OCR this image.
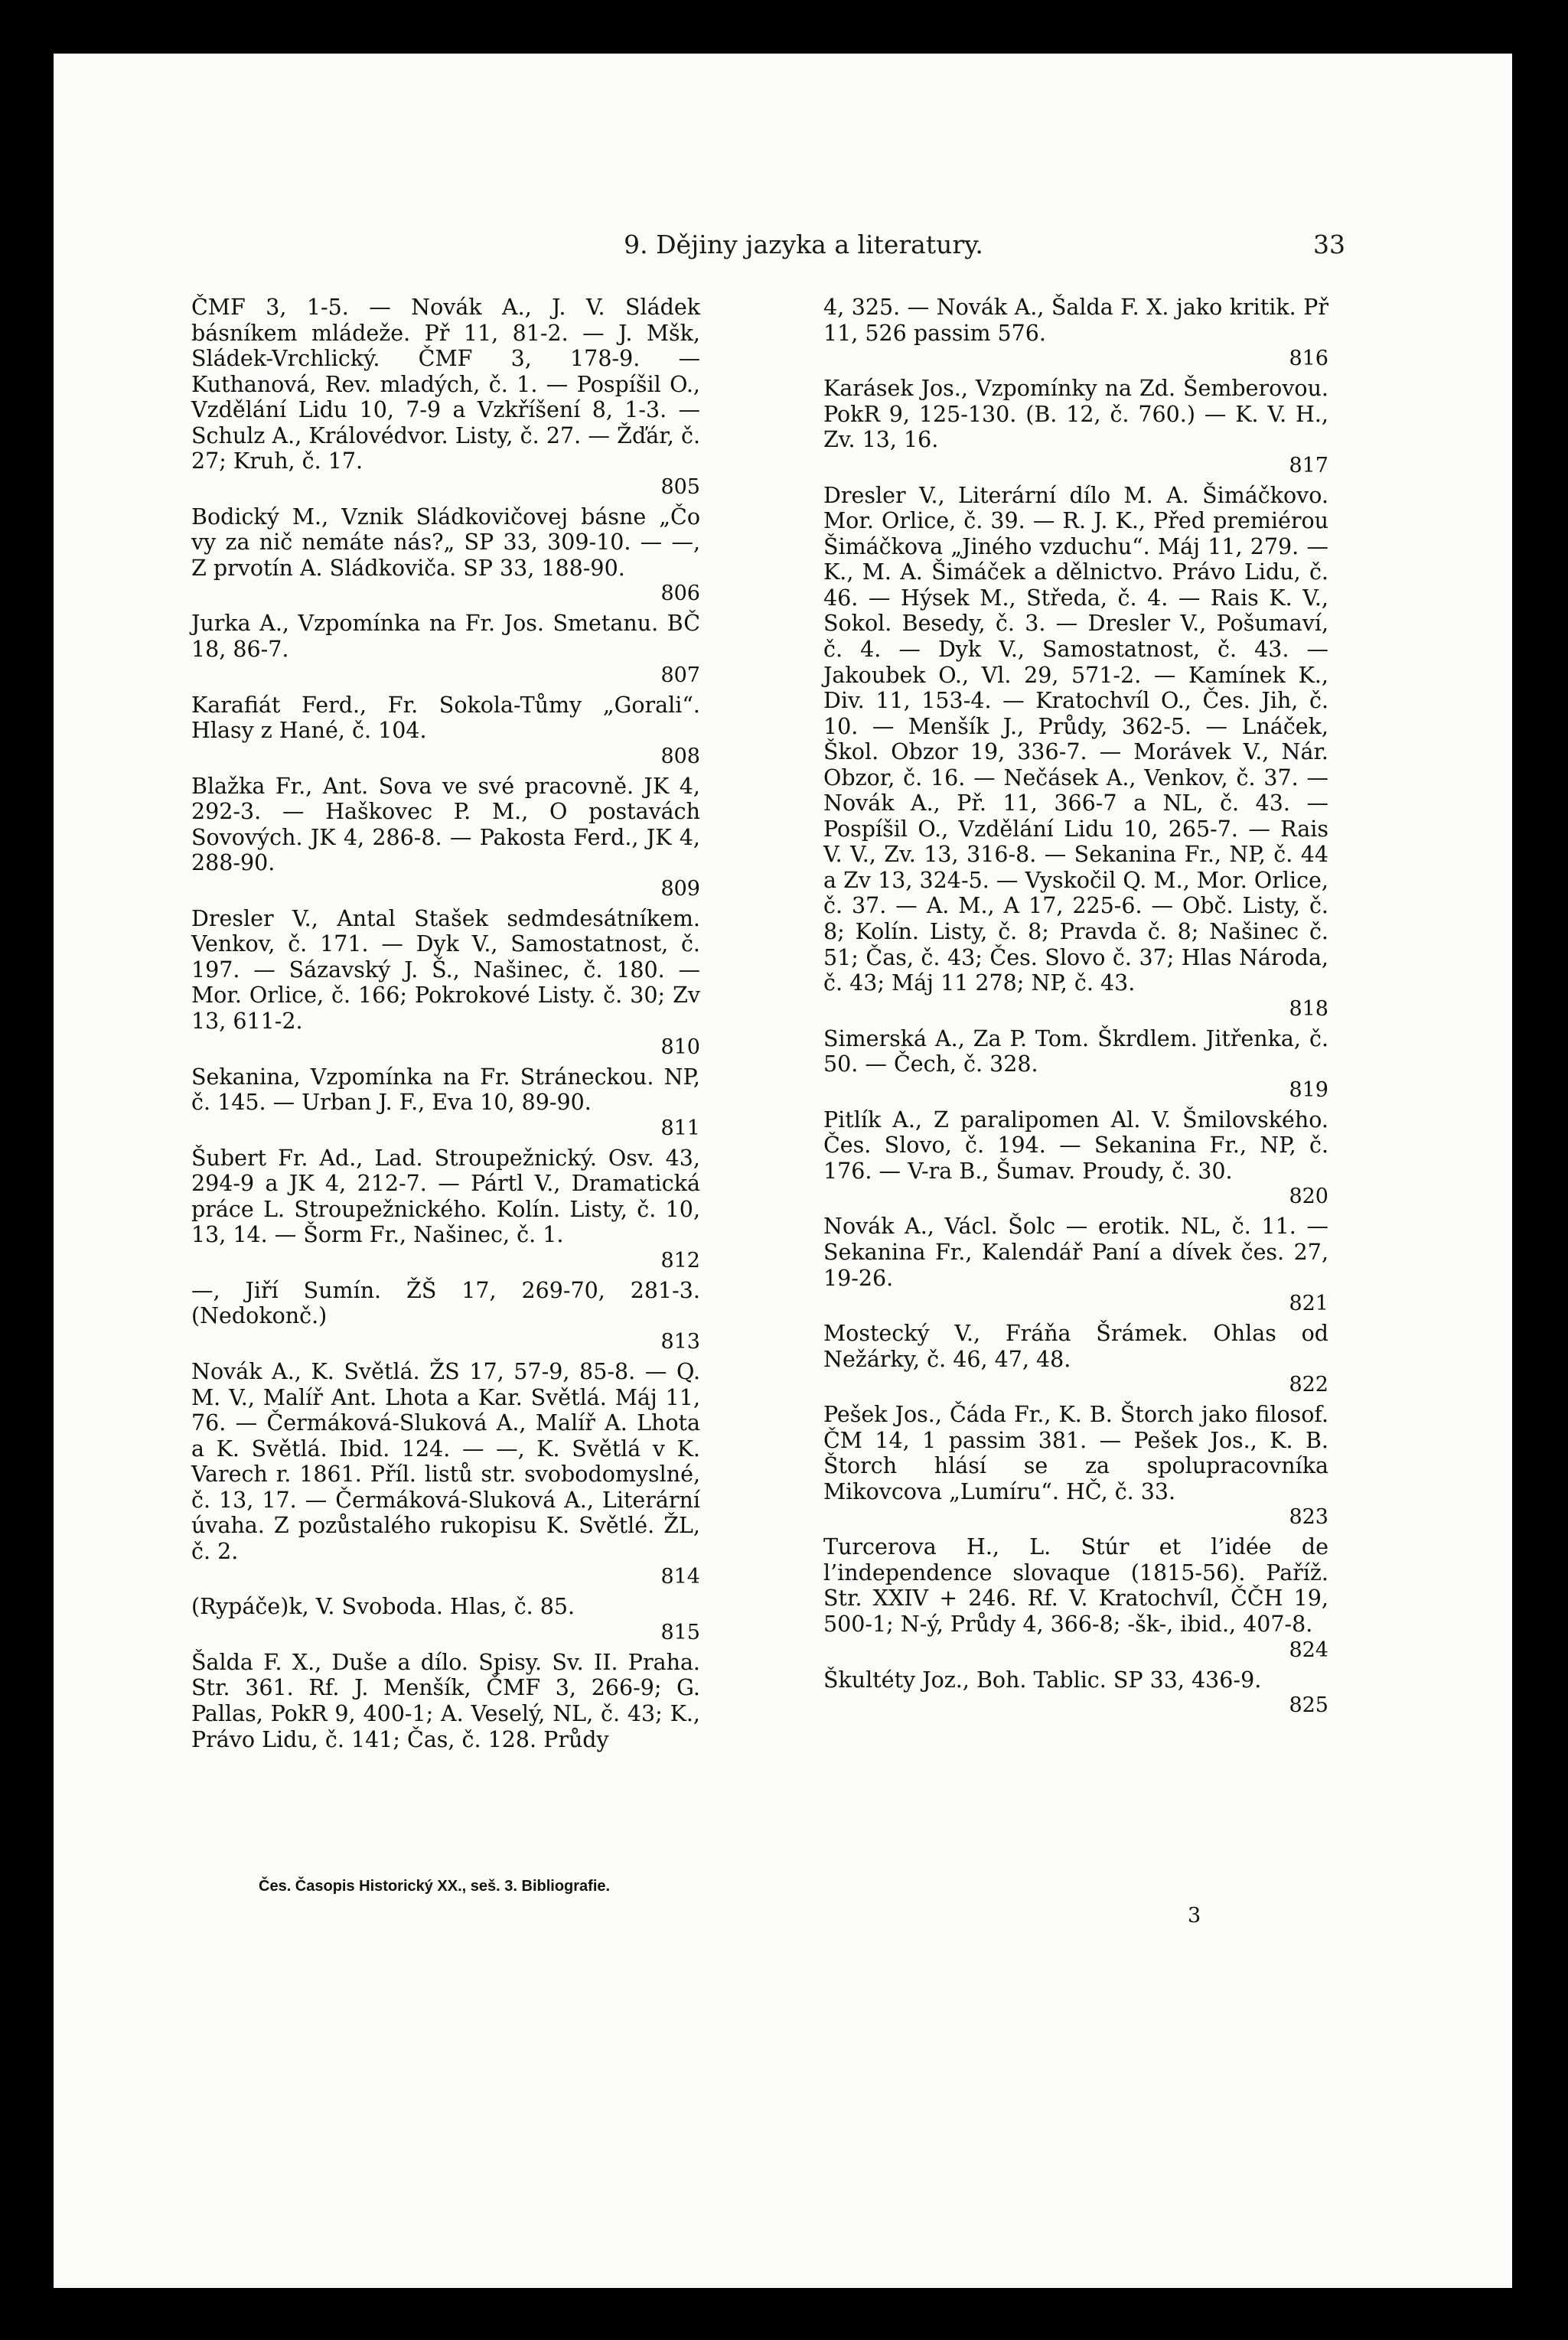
9. Dějiny jazyka a literatury.	33

ČMF 3, 1-5. — Novák A., J. V. Sládek básníkem mládeže. Př 11, 81-2. — J. Mšk, Sládek-Vrchlický. ČMF 3, 178-9. — Kuthanová, Rev. mladých, č. 1. — Pospíšil O., Vzdělání Lidu 10, 7-9 a Vzkříšení 8, 1-3. — Schulz A., Královédvor. Listy, č. 27. — Žďár, č. 27; Kruh, č. 17.

805

Bodický M., Vznik Sládkovičovej básne „Čo vy za nič nemáte nás?„ SP 33, 309-10. — —, Z prvotín A. Sládkoviča. SP 33, 188-90.

806

Jurka A., Vzpomínka na Fr. Jos. Smetanu. BČ 18, 86-7.

807

Karafiát Ferd., Fr. Sokola-Tůmy „Gorali“. Hlasy z Hané, č. 104.

808

Blažka Fr., Ant. Sova ve své pracovně. JK 4, 292-3. — Haškovec P. M., O postavách Sovových. JK 4, 286-8. — Pakosta Ferd., JK 4, 288-90.

809

Dresler V., Antal Stašek sedmdesátníkem. Venkov, č. 171. — Dyk V., Samostatnost, č. 197. — Sázavský J. Š., Našinec, č. 180. — Mor. Orlice, č. 166; Pokrokové Listy. č. 30; Zv 13, 611-2.

810

Sekanina, Vzpomínka na Fr. Stráneckou. NP, č. 145. — Urban J. F., Eva 10, 89-90.

811

Šubert Fr. Ad., Lad. Stroupežnický. Osv. 43, 294-9 a JK 4, 212-7. — Pártl V., Dramatická práce L. Stroupežnického. Kolín. Listy, č. 10, 13, 14. — Šorm Fr., Našinec, č. 1.

812

—, Jiří Sumín. ŽŠ 17, 269-70, 281-3. (Nedokonč.)

813

Novák A., K. Světlá. ŽS 17, 57-9, 85-8. — Q. M. V., Malíř Ant. Lhota a Kar. Světlá. Máj 11, 76. — Čermáková-Sluková A., Malíř A. Lhota a K. Světlá. Ibid. 124. — —, K. Světlá v K. Varech r. 1861. Příl. listů str. svobodomyslné, č. 13, 17. — Čermáková-Sluková A., Literární úvaha. Z pozůstalého rukopisu K. Světlé. ŽL, č. 2.

814

(Rypáče)k, V. Svoboda. Hlas, č. 85.

815

Šalda F. X., Duše a dílo. Spisy. Sv. II. Praha. Str. 361. Rf. J. Menšík, ČMF 3, 266-9; G. Pallas, PokR 9, 400-1; A. Veselý, NL, č. 43; K., Právo Lidu, č. 141; Čas, č. 128. Průdy

4, 325. — Novák A., Šalda F. X. jako kritik. Př 11, 526 passim 576.

816

Karásek Jos., Vzpomínky na Zd. Šemberovou. PokR 9, 125-130. (B. 12, č. 760.) — K. V. H., Zv. 13, 16.

817

Dresler V., Literární dílo M. A. Šimáčkovo. Mor. Orlice, č. 39. — R. J. K., Před premiérou Šimáčkova „Jiného vzduchu“. Máj 11, 279. — K., M. A. Šimáček a dělnictvo. Právo Lidu, č. 46. — Hýsek M., Středa, č. 4. — Rais K. V., Sokol. Besedy, č. 3. — Dresler V., Pošumaví, č. 4. — Dyk V., Samostatnost, č. 43. — Jakoubek O., Vl. 29, 571-2. — Kamínek K., Div. 11, 153-4. — Kratochvíl O., Čes. Jih, č. 10. — Menšík J., Průdy, 362-5. — Lnáček, Škol. Obzor 19, 336-7. — Morávek V., Nár. Obzor, č. 16. — Nečásek A., Venkov, č. 37. — Novák A., Př. 11, 366-7 a NL, č. 43. — Pospíšil O., Vzdělání Lidu 10, 265-7. — Rais V. V., Zv. 13, 316-8. — Sekanina Fr., NP, č. 44 a Zv 13, 324-5. — Vyskočil Q. M., Mor. Orlice, č. 37. — A. M., A 17, 225-6. — Obč. Listy, č. 8; Kolín. Listy, č. 8; Pravda č. 8; Našinec č. 51; Čas, č. 43; Čes. Slovo č. 37; Hlas Národa, č. 43; Máj 11 278; NP, č. 43.

818

Simerská A., Za P. Tom. Škrdlem. Jitřenka, č. 50. — Čech, č. 328.

819

Pitlík A., Z paralipomen Al. V. Šmilovského. Čes. Slovo, č. 194. — Sekanina Fr., NP, č. 176. — V-ra B., Šumav. Proudy, č. 30.

820

Novák A., Václ. Šolc — erotik. NL, č. 11. — Sekanina Fr., Kalendář Paní a dívek čes. 27, 19-26.

821

Mostecký V., Fráňa Šrámek. Ohlas od Nežárky, č. 46, 47, 48.

822

Pešek Jos., Čáda Fr., K. B. Štorch jako filosof. ČM 14, 1 passim 381. — Pešek Jos., K. B. Štorch hlásí se za spolupracovníka Mikovcova „Lumíru“. HČ, č. 33.

823

Turcerova H., L. Stúr et l’idée de l’independence slovaque (1815-56). Paříž. Str. XXIV + 246. Rf. V. Kratochvíl, ČČH 19, 500-1; N-ý, Průdy 4, 366-8; -šk-, ibid., 407-8.

824

Škultéty Joz., Boh. Tablic. SP 33, 436-9.

825
Čes. Časopis Historický XX., seš. 3. Bibliografie.
3
